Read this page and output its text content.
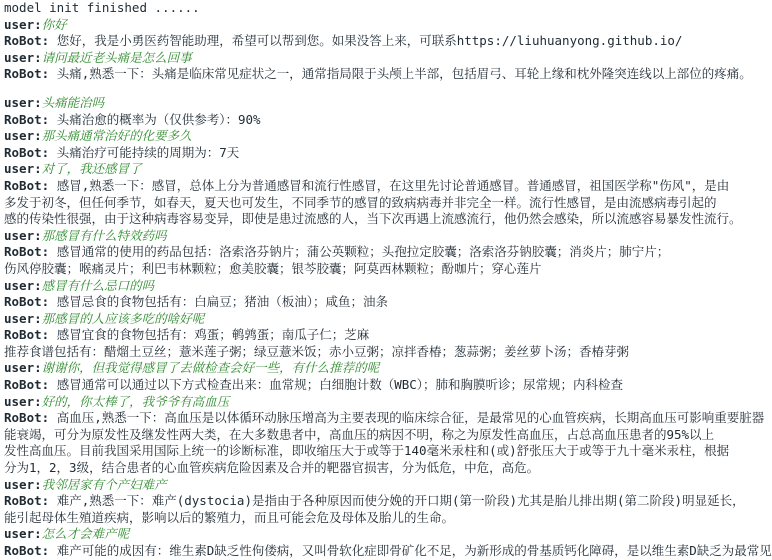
model init finished ......
user:你好
RoBot: 您好，我是小勇医药智能助理，希望可以帮到您。如果没答上来，可联系https://liuhuanyong.github.io/
user:请问最近老头痛是怎么回事
RoBot: 头痛,熟悉一下：头痛是临床常见症状之一，通常指局限于头颅上半部，包括眉弓、耳轮上缘和枕外隆突连线以上部位的疼痛。
user:头痛能治吗
RoBot: 头痛治愈的概率为（仅供参考）：90%
user:那头痛通常治好的化要多久
RoBot: 头痛治疗可能持续的周期为：7天
user:对了，我还感冒了
RoBot: 感冒,熟悉一下：感冒，总体上分为普通感冒和流行性感冒，在这里先讨论普通感冒。普通感冒，祖国医学称"伤风"，是由
多发于初冬，但任何季节，如春天，夏天也可发生，不同季节的感冒的致病病毒并非完全一样。流行性感冒，是由流感病毒引起的
感的传染性很强，由于这种病毒容易变异，即使是患过流感的人，当下次再遇上流感流行，他仍然会感染，所以流感容易暴发性流行。
user:那感冒有什么特效药吗
RoBot: 感冒通常的使用的药品包括：洛索洛芬钠片；蒲公英颗粒；头孢拉定胶囊；洛索洛芬钠胶囊；消炎片；肺宁片；
伤风停胶囊；喉痛灵片；利巴韦林颗粒；愈美胶囊；银芩胶囊；阿莫西林颗粒；酚咖片；穿心莲片
user:感冒有什么忌口的吗
RoBot: 感冒忌食的食物包括有：白扁豆；猪油（板油）；咸鱼；油条
user:那感冒的人应该多吃的啥好呢
RoBot: 感冒宜食的食物包括有：鸡蛋；鹌鹑蛋；南瓜子仁；芝麻
推荐食谱包括有：醋熘土豆丝；薏米莲子粥；绿豆薏米饭；赤小豆粥；凉拌香椿；葱蒜粥；姜丝萝卜汤；香椿芽粥
user:谢谢你，但我觉得感冒了去做检查会好一些，有什么推荐的呢
RoBot: 感冒通常可以通过以下方式检查出来：血常规；白细胞计数（WBC）；肺和胸膜听诊；尿常规；内科检查
user:好的，你太棒了，我爷爷有高血压
RoBot: 高血压,熟悉一下：高血压是以体循环动脉压增高为主要表现的临床综合征，是最常见的心血管疾病，长期高血压可影响重要脏器
能衰竭，可分为原发性及继发性两大类，在大多数患者中，高血压的病因不明，称之为原发性高血压，占总高血压患者的95%以上
发性高血压。目前我国采用国际上统一的诊断标准，即收缩压大于或等于140毫米汞柱和(或)舒张压大于或等于九十毫米汞柱，根据
分为1，2，3级，结合患者的心血管疾病危险因素及合并的靶器官损害，分为低危，中危，高危。
user:我邻居家有个产妇难产
RoBot: 难产,熟悉一下：难产(dystocia)是指由于各种原因而使分娩的开口期(第一阶段)尤其是胎儿排出期(第二阶段)明显延长，
能引起母体生殖道疾病，影响以后的繁殖力，而且可能会危及母体及胎儿的生命。
user:怎么才会难产呢
RoBot: 难产可能的成因有：维生素D缺乏性佝偻病，又叫骨软化症即骨矿化不足，为新形成的骨基质钙化障碍，是以维生素D缺乏为最常见
